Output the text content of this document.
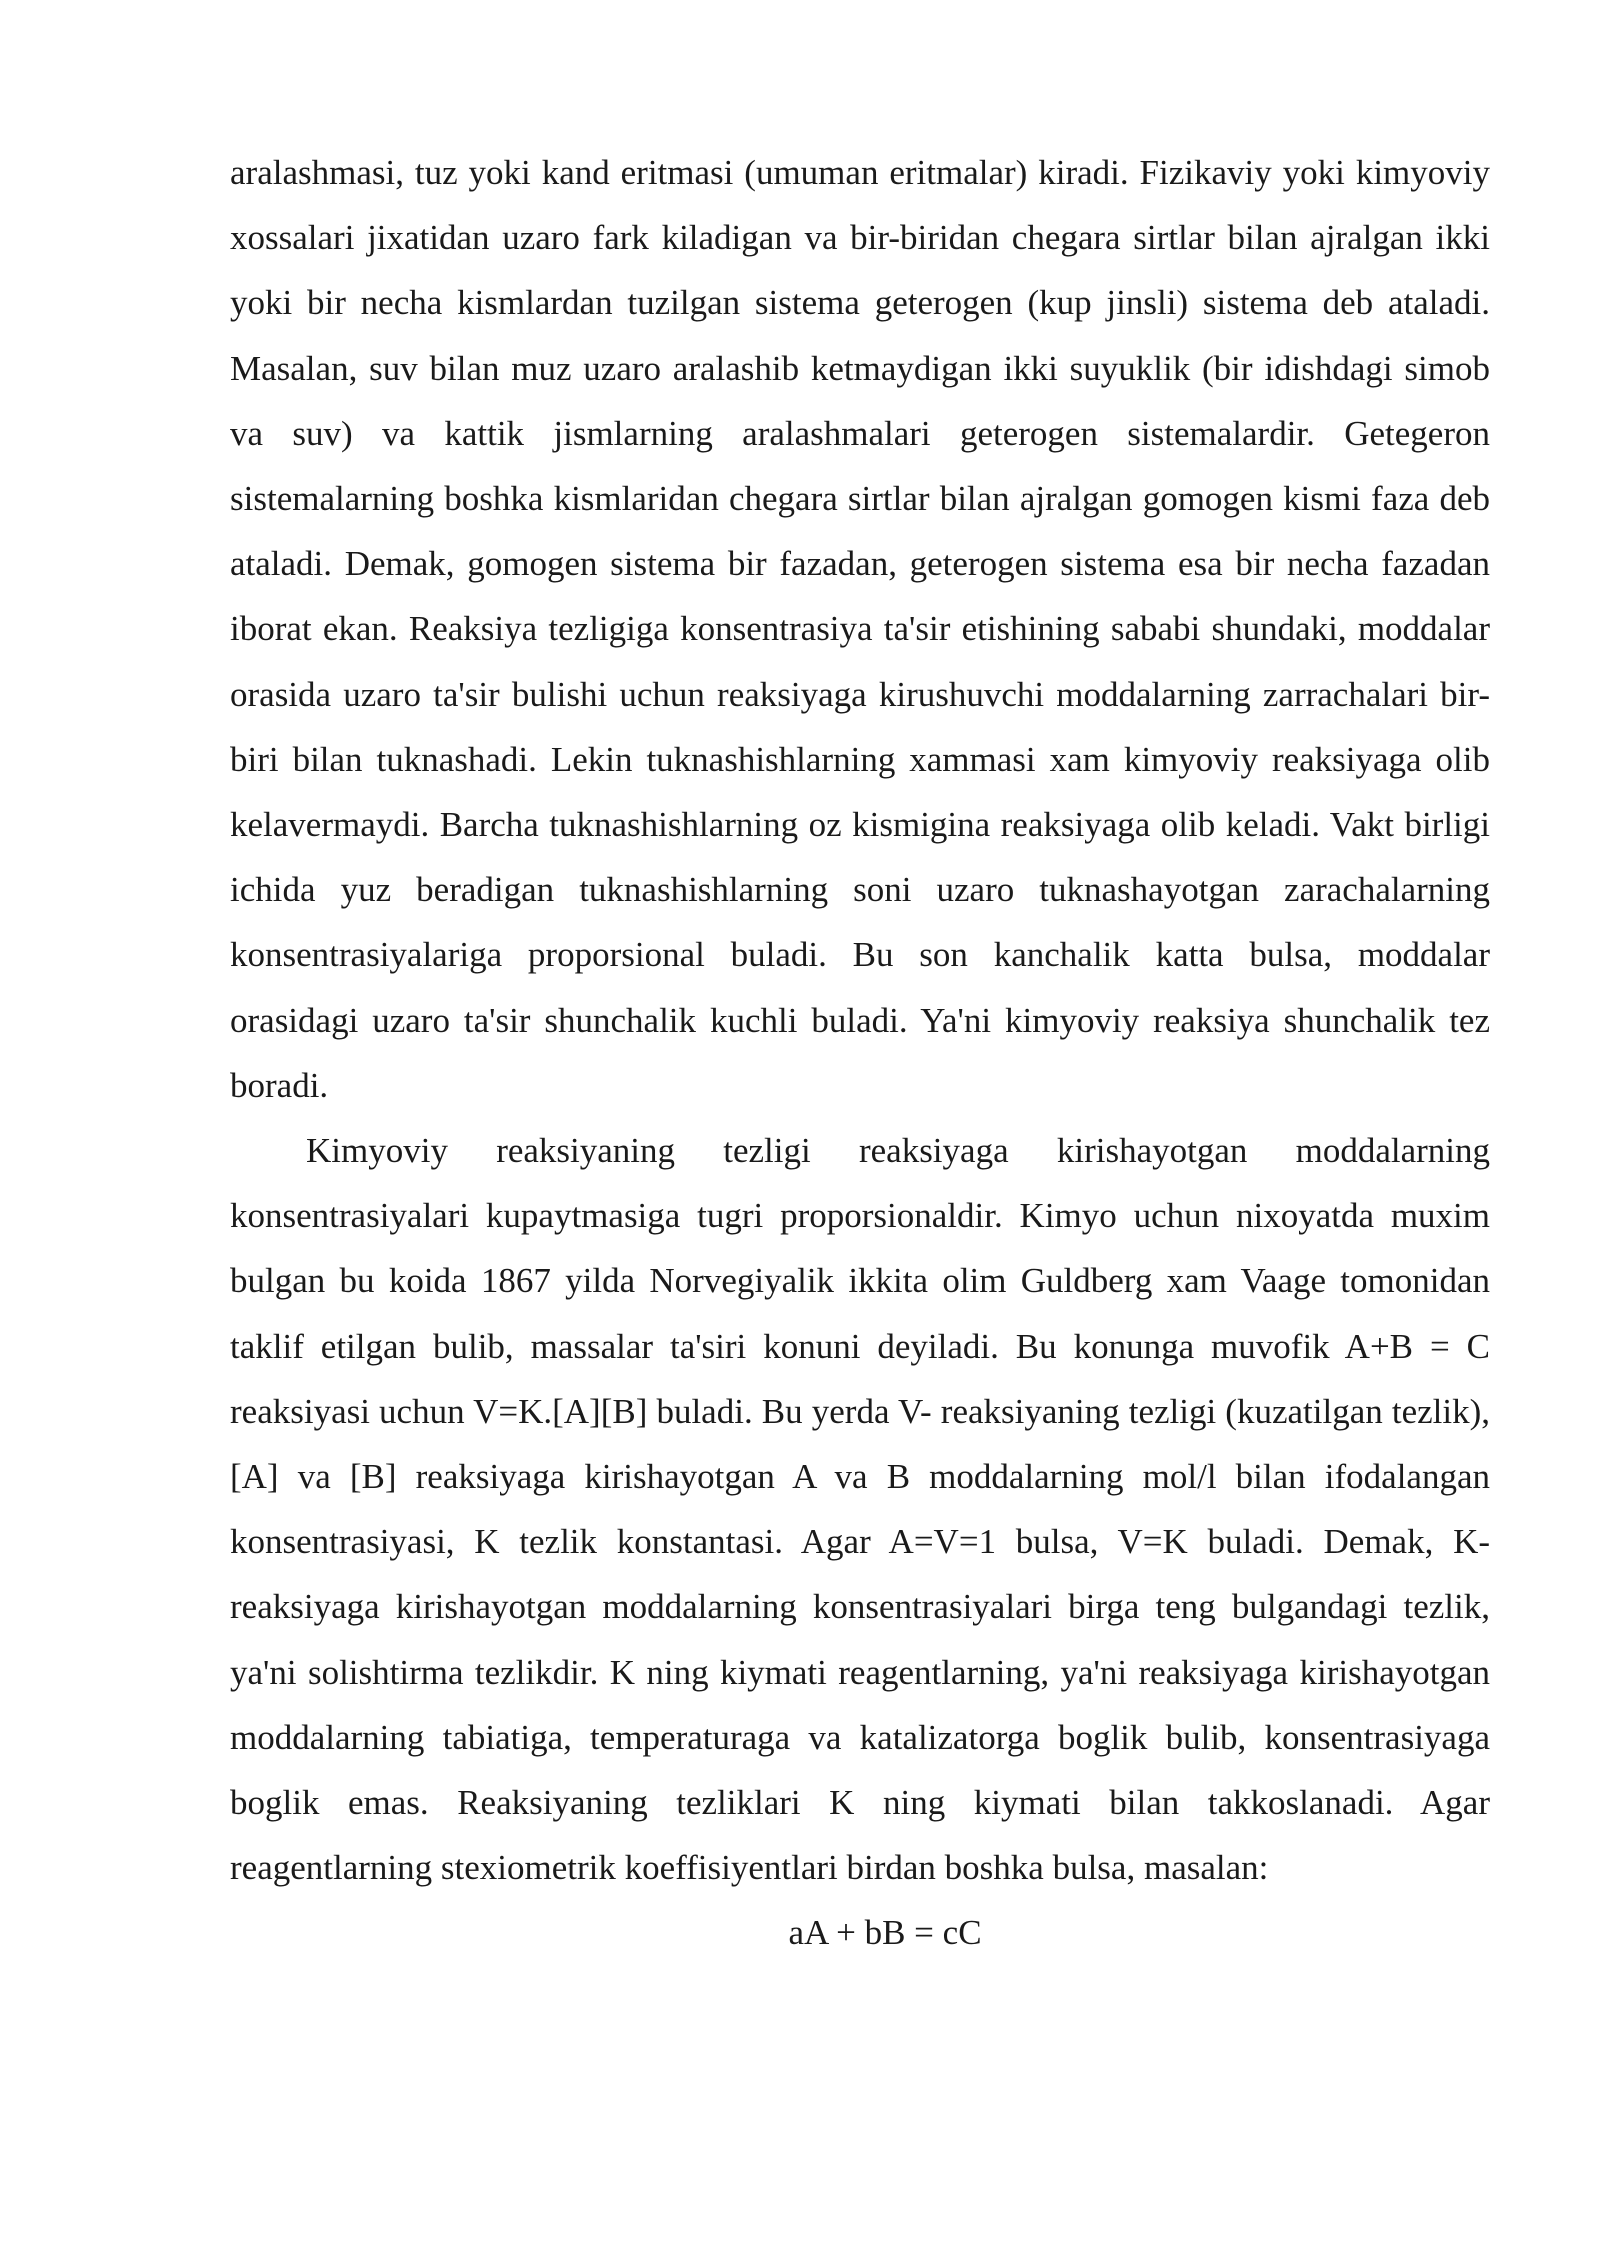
aralashmasi, tuz yoki kand eritmasi (umuman eritmalar) kiradi. Fizikaviy yoki kimyoviy xossalari jixatidan uzaro fark kiladigan va bir-biridan chegara sirtlar bilan ajralgan ikki yoki bir necha kismlardan tuzilgan sistema geterogen (kup jinsli) sistema deb ataladi. Masalan, suv bilan muz uzaro aralashib ketmaydigan ikki suyuklik (bir idishdagi simob va suv) va kattik jismlarning aralashmalari geterogen sistemalardir. Getegeron sistemalarning boshka kismlaridan chegara sirtlar bilan ajralgan gomogen kismi faza deb ataladi. Demak, gomogen sistema bir fazadan, geterogen sistema esa bir necha fazadan iborat ekan. Reaksiya tezligiga konsentrasiya ta'sir etishining sababi shundaki, moddalar orasida uzaro ta'sir bulishi uchun reaksiyaga kirushuvchi moddalarning zarrachalari bir-biri bilan tuknashadi. Lekin tuknashishlarning xammasi xam kimyoviy reaksiyaga olib kelavermaydi. Barcha tuknashishlarning oz kismigina reaksiyaga olib keladi. Vakt birligi ichida yuz beradigan tuknashishlarning soni uzaro tuknashayotgan zarachalarning konsentrasiyalariga proporsional buladi. Bu son kanchalik katta bulsa, moddalar orasidagi uzaro ta'sir shunchalik kuchli buladi. Ya'ni kimyoviy reaksiya shunchalik tez boradi.

Kimyoviy reaksiyaning tezligi reaksiyaga kirishayotgan moddalarning konsentrasiyalari kupaytmasiga tugri proporsionaldir. Kimyo uchun nixoyatda muxim bulgan bu koida 1867 yilda Norvegiyalik ikkita olim Guldberg xam Vaage tomonidan taklif etilgan bulib, massalar ta'siri konuni deyiladi. Bu konunga muvofik A+B = C reaksiyasi uchun V=K.[A][B] buladi. Bu yerda V- reaksiyaning tezligi (kuzatilgan tezlik), [A] va [B] reaksiyaga kirishayotgan A va B moddalarning mol/l bilan ifodalangan konsentrasiyasi, K tezlik konstantasi. Agar A=V=1 bulsa, V=K buladi. Demak, K- reaksiyaga kirishayotgan moddalarning konsentrasiyalari birga teng bulgandagi tezlik, ya'ni solishtirma tezlikdir. K ning kiymati reagentlarning, ya'ni reaksiyaga kirishayotgan moddalarning tabiatiga, temperaturaga va katalizatorga boglik bulib, konsentrasiyaga boglik emas. Reaksiyaning tezliklari K ning kiymati bilan takkoslanadi. Agar reagentlarning stexiometrik koeffisiyentlari birdan boshka bulsa, masalan:

aA + bB = cC
